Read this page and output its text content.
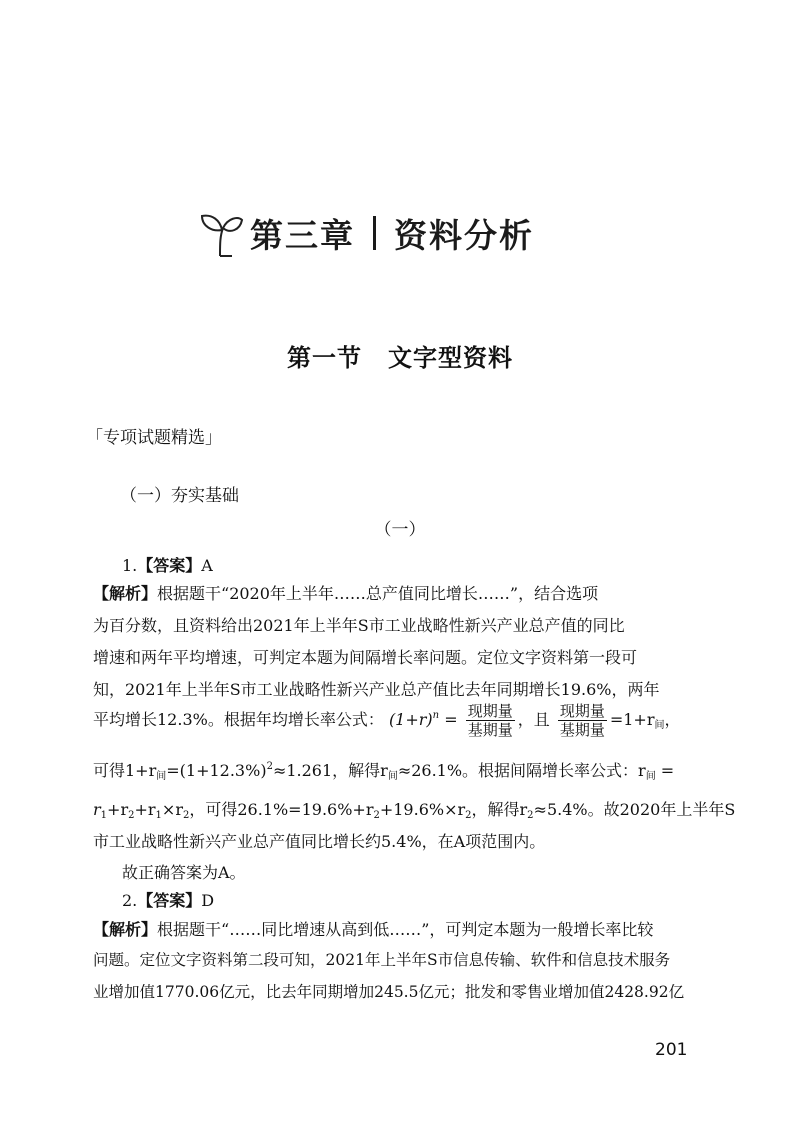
第三章 资料分析
第一节 文字型资料
「专项试题精选」
（一）夯实基础
（一）
1.【答案】A
【解析】根据题干“2020年上半年……总产值同比增长……”，结合选项
为百分数，且资料给出2021年上半年S市工业战略性新兴产业总产值的同比
增速和两年平均增速，可判定本题为间隔增长率问题。定位文字资料第一段可
知，2021年上半年S市工业战略性新兴产业总产值比去年同期增长19.6%，两年
平均增长12.3%。根据年均增长率公式： $(1+r)^n = \frac{\text{现期量}}{\text{基期量}}$ ，且 $\frac{\text{现期量}}{\text{基期量}} =1+r_间$，
可得$1+r_间=(1+12.3\%)^2\approx 1.261$，解得$r_间\approx 26.1\%$。根据间隔增长率公式：$r_间$ =
$r_1+r_2+r_1\times r_2$，可得$26.1\%=19.6\%+r_2+19.6\%\times r_2$，解得$r_2\approx 5.4\%$。故2020年上半年S
市工业战略性新兴产业总产值同比增长约5.4%，在A项范围内。
故正确答案为A。
2.【答案】D
【解析】根据题干“……同比增速从高到低……”，可判定本题为一般增长率比较
问题。定位文字资料第二段可知，2021年上半年S市信息传输、软件和信息技术服务
业增加值1770.06亿元，比去年同期增加245.5亿元；批发和零售业增加值2428.92亿
201
